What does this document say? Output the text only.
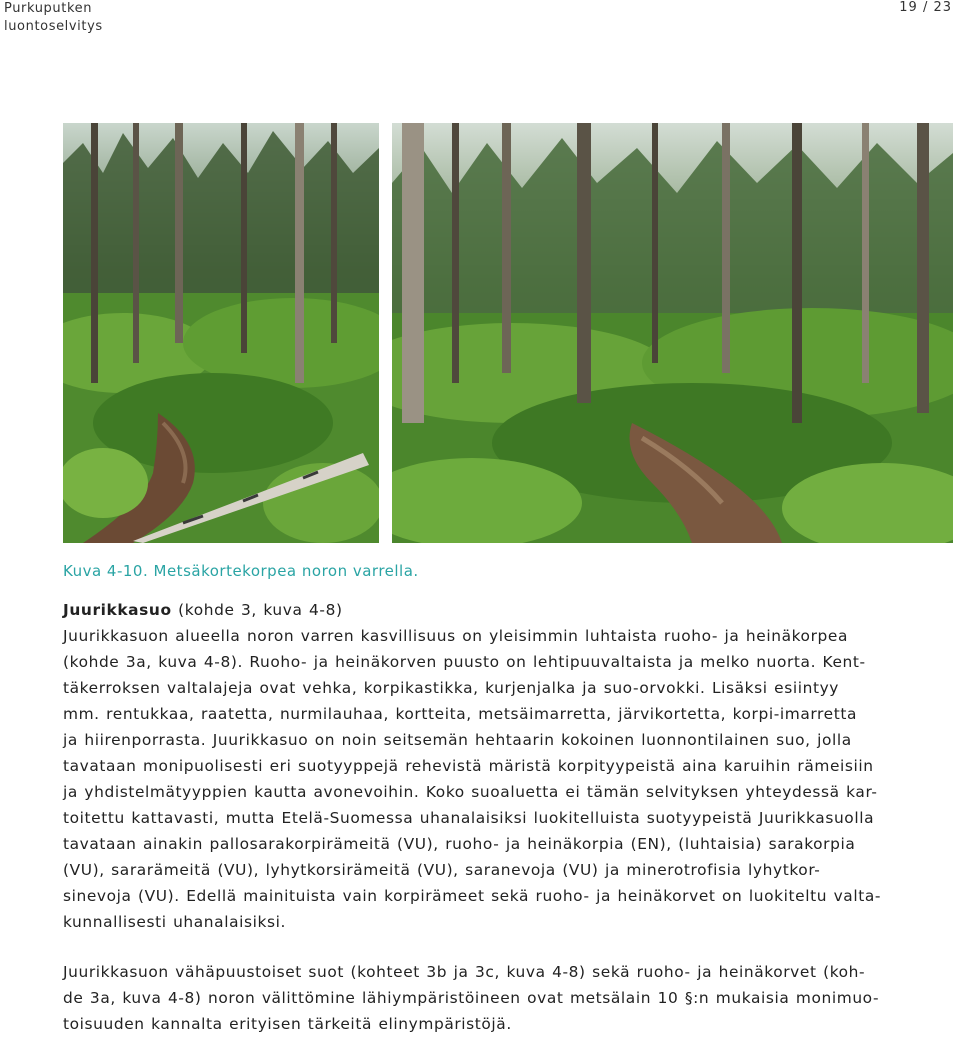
Purkuputken
luontoselvitys
19 / 23
Kuva 4-10. Metsäkortekorpea noron varrella.
Juurikkasuo (kohde 3, kuva 4-8)
Juurikkasuon alueella noron varren kasvillisuus on yleisimmin luhtaista ruoho- ja heinäkorpea
(kohde 3a, kuva 4-8). Ruoho- ja heinäkorven puusto on lehtipuuvaltaista ja melko nuorta. Kent-
täkerroksen valtalajeja ovat vehka, korpikastikka, kurjenjalka ja suo-orvokki. Lisäksi esiintyy
mm. rentukkaa, raatetta, nurmilauhaa, kortteita, metsäimarretta, järvikortetta, korpi-imarretta
ja hiirenporrasta. Juurikkasuo on noin seitsemän hehtaarin kokoinen luonnontilainen suo, jolla
tavataan monipuolisesti eri suotyyppejä rehevistä märistä korpityypeistä aina karuihin rämeisiin
ja yhdistelmätyyppien kautta avonevoihin. Koko suoaluetta ei tämän selvityksen yhteydessä kar-
toitettu kattavasti, mutta Etelä-Suomessa uhanalaisiksi luokitelluista suotyypeistä Juurikkasuolla
tavataan ainakin pallosarakorpirämeitä (VU), ruoho- ja heinäkorpia (EN), (luhtaisia) sarakorpia
(VU), sararämeitä (VU), lyhytkorsirämeitä (VU), saranevoja (VU) ja minerotrofisia lyhytkor-
sinevoja (VU). Edellä mainituista vain korpirämeet sekä ruoho- ja heinäkorvet on luokiteltu valta-
kunnallisesti uhanalaisiksi.
Juurikkasuon vähäpuustoiset suot (kohteet 3b ja 3c, kuva 4-8) sekä ruoho- ja heinäkorvet (koh-
de 3a, kuva 4-8) noron välittömine lähiympäristöineen ovat metsälain 10 §:n mukaisia monimuo-
toisuuden kannalta erityisen tärkeitä elinympäristöjä.
